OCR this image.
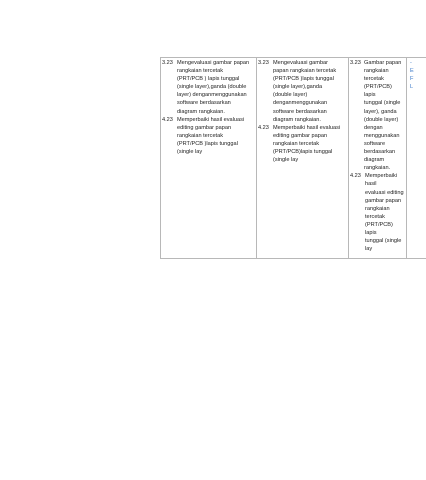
3.23 Mengevaluasi gambar papan
rangkaian tercetak
(PRT/PCB ) lapis tunggal
(single layer),ganda (double
layer) denganmenggunakan
software berdasarkan
diagram rangkaian.
4.23 Memperbaiki hasil evaluasi
editing gambar papan
rangkaian tercetak
(PRT/PCB )lapis tunggal
(single lay
3.23 Mengevaluasi gambar
papan rangkaian tercetak
(PRT/PCB )lapis tunggal
(single layer),ganda
(double layer)
denganmenggunakan
software berdasarkan
diagram rangkaian.
4.23 Memperbaiki hasil evaluasi
editing gambar papan
rangkaian tercetak
(PRT/PCB)lapis tunggal
(single lay
3.23 Gambar papan
rangkaian
tercetak
(PRT/PCB) lapis
tunggal (single
layer), ganda
(double layer)
dengan
menggunakan
software
berdasarkan
diagram
rangkaian.
4.23 Memperbaiki hasil
evaluasi editing
gambar papan
rangkaian
tercetak
(PRT/PCB) lapis
tunggal (single
lay
-
E
F
L
